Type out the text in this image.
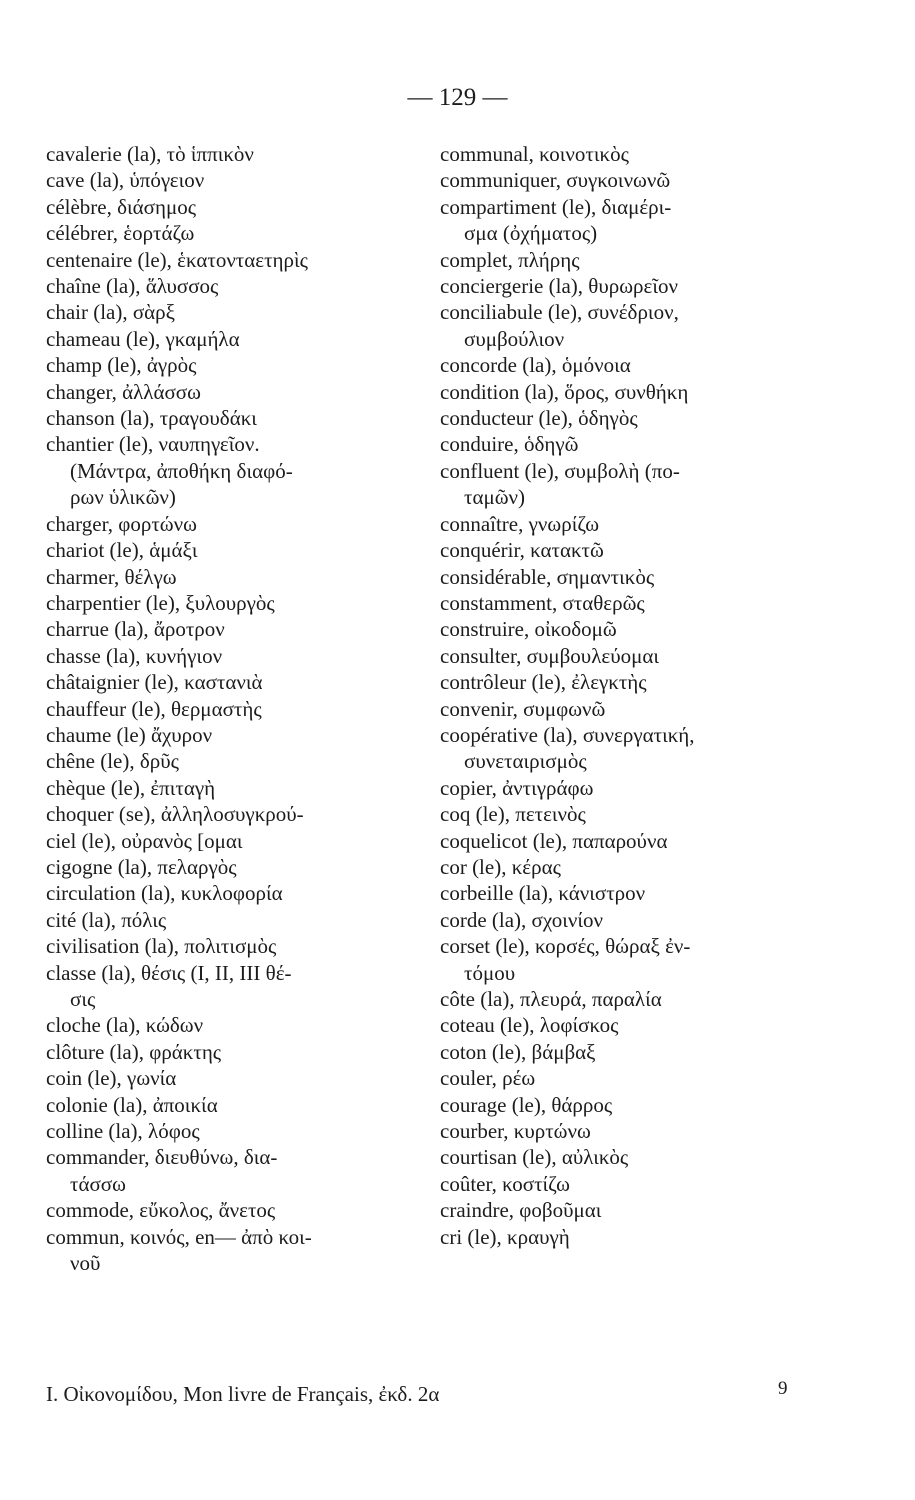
— 129 —
cavalerie (la), τὸ ἱππικὸν
cave (la), ὑπόγειον
célèbre, διάσημος
célébrer, ἑορτάζω
centenaire (le), ἑκατονταετηρὶς
chaîne (la), ἅλυσσος
chair (la), σὰρξ
chameau (le), γκαμήλα
champ (le), ἀγρὸς
changer, ἀλλάσσω
chanson (la), τραγουδάκι
chantier (le), ναυπηγεῖον.
(Μάντρα, ἀποθήκη διαφό-
ρων ὑλικῶν)
charger, φορτώνω
chariot (le), ἁμάξι
charmer, θέλγω
charpentier (le), ξυλουργὸς
charrue (la), ἄροτρον
chasse (la), κυνήγιον
châtaignier (le), καστανιὰ
chauffeur (le), θερμαστὴς
chaume (le) ἄχυρον
chêne (le), δρῦς
chèque (le), ἐπιταγὴ
choquer (se), ἀλληλοσυγκρού-
ciel (le), οὐρανὸς [ομαι
cigogne (la), πελαργὸς
circulation (la), κυκλοφορία
cité (la), πόλις
civilisation (la), πολιτισμὸς
classe (la), θέσις (I, II, III θέ-
σις
cloche (la), κώδων
clôture (la), φράκτης
coin (le), γωνία
colonie (la), ἀποικία
colline (la), λόφος
commander, διευθύνω, δια-
τάσσω
commode, εὔκολος, ἄνετος
commun, κοινός, en— ἀπὸ κοι-
νοῦ
communal, κοινοτικὸς
communiquer, συγκοινωνῶ
compartiment (le), διαμέρι-
σμα (ὀχήματος)
complet, πλήρης
conciergerie (la), θυρωρεῖον
conciliabule (le), συνέδριον,
συμβούλιον
concorde (la), ὁμόνοια
condition (la), ὅρος, συνθήκη
conducteur (le), ὁδηγὸς
conduire, ὁδηγῶ
confluent (le), συμβολὴ (πο-
ταμῶν)
connaître, γνωρίζω
conquérir, κατακτῶ
considérable, σημαντικὸς
constamment, σταθερῶς
construire, οἰκοδομῶ
consulter, συμβουλεύομαι
contrôleur (le), ἐλεγκτὴς
convenir, συμφωνῶ
coopérative (la), συνεργατική,
συνεταιρισμὸς
copier, ἀντιγράφω
coq (le), πετεινὸς
coquelicot (le), παπαρούνα
cor (le), κέρας
corbeille (la), κάνιστρον
corde (la), σχοινίον
corset (le), κορσές, θώραξ ἐν-
τόμου
côte (la), πλευρά, παραλία
coteau (le), λοφίσκος
coton (le), βάμβαξ
couler, ρέω
courage (le), θάρρος
courber, κυρτώνω
courtisan (le), αὐλικὸς
coûter, κοστίζω
craindre, φοβοῦμαι
cri (le), κραυγὴ
I. Οἰκονομίδου, Mon livre de Français, ἐκδ. 2α	9
